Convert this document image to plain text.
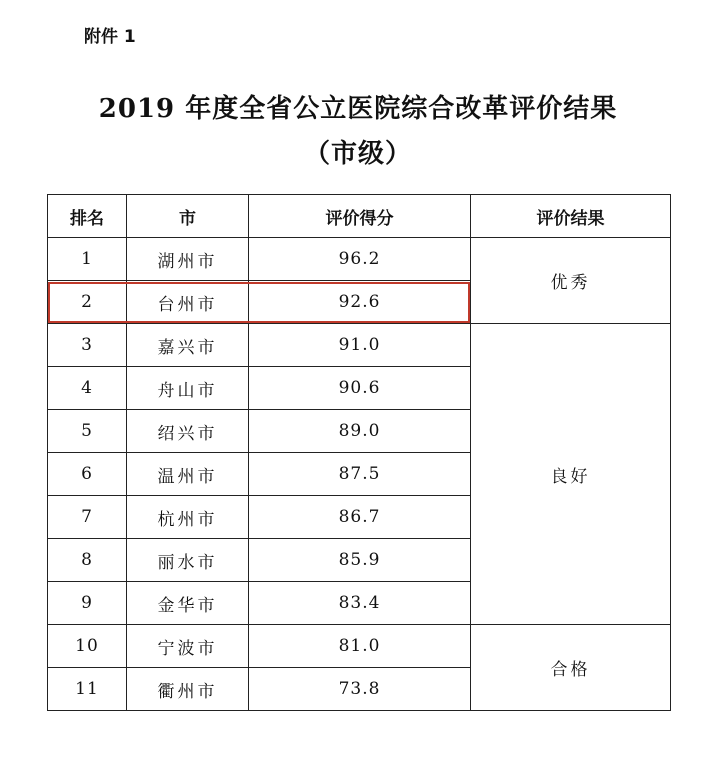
附件 1
2019 年度全省公立医院综合改革评价结果
（市级）
排名	市	评价得分	评价结果
1	湖州市	96.2	优秀
2	台州市	92.6	
3	嘉兴市	91.0	良好
4	舟山市	90.6	
5	绍兴市	89.0	
6	温州市	87.5	
7	杭州市	86.7	
8	丽水市	85.9	
9	金华市	83.4	
10	宁波市	81.0	合格
11	衢州市	73.8	
